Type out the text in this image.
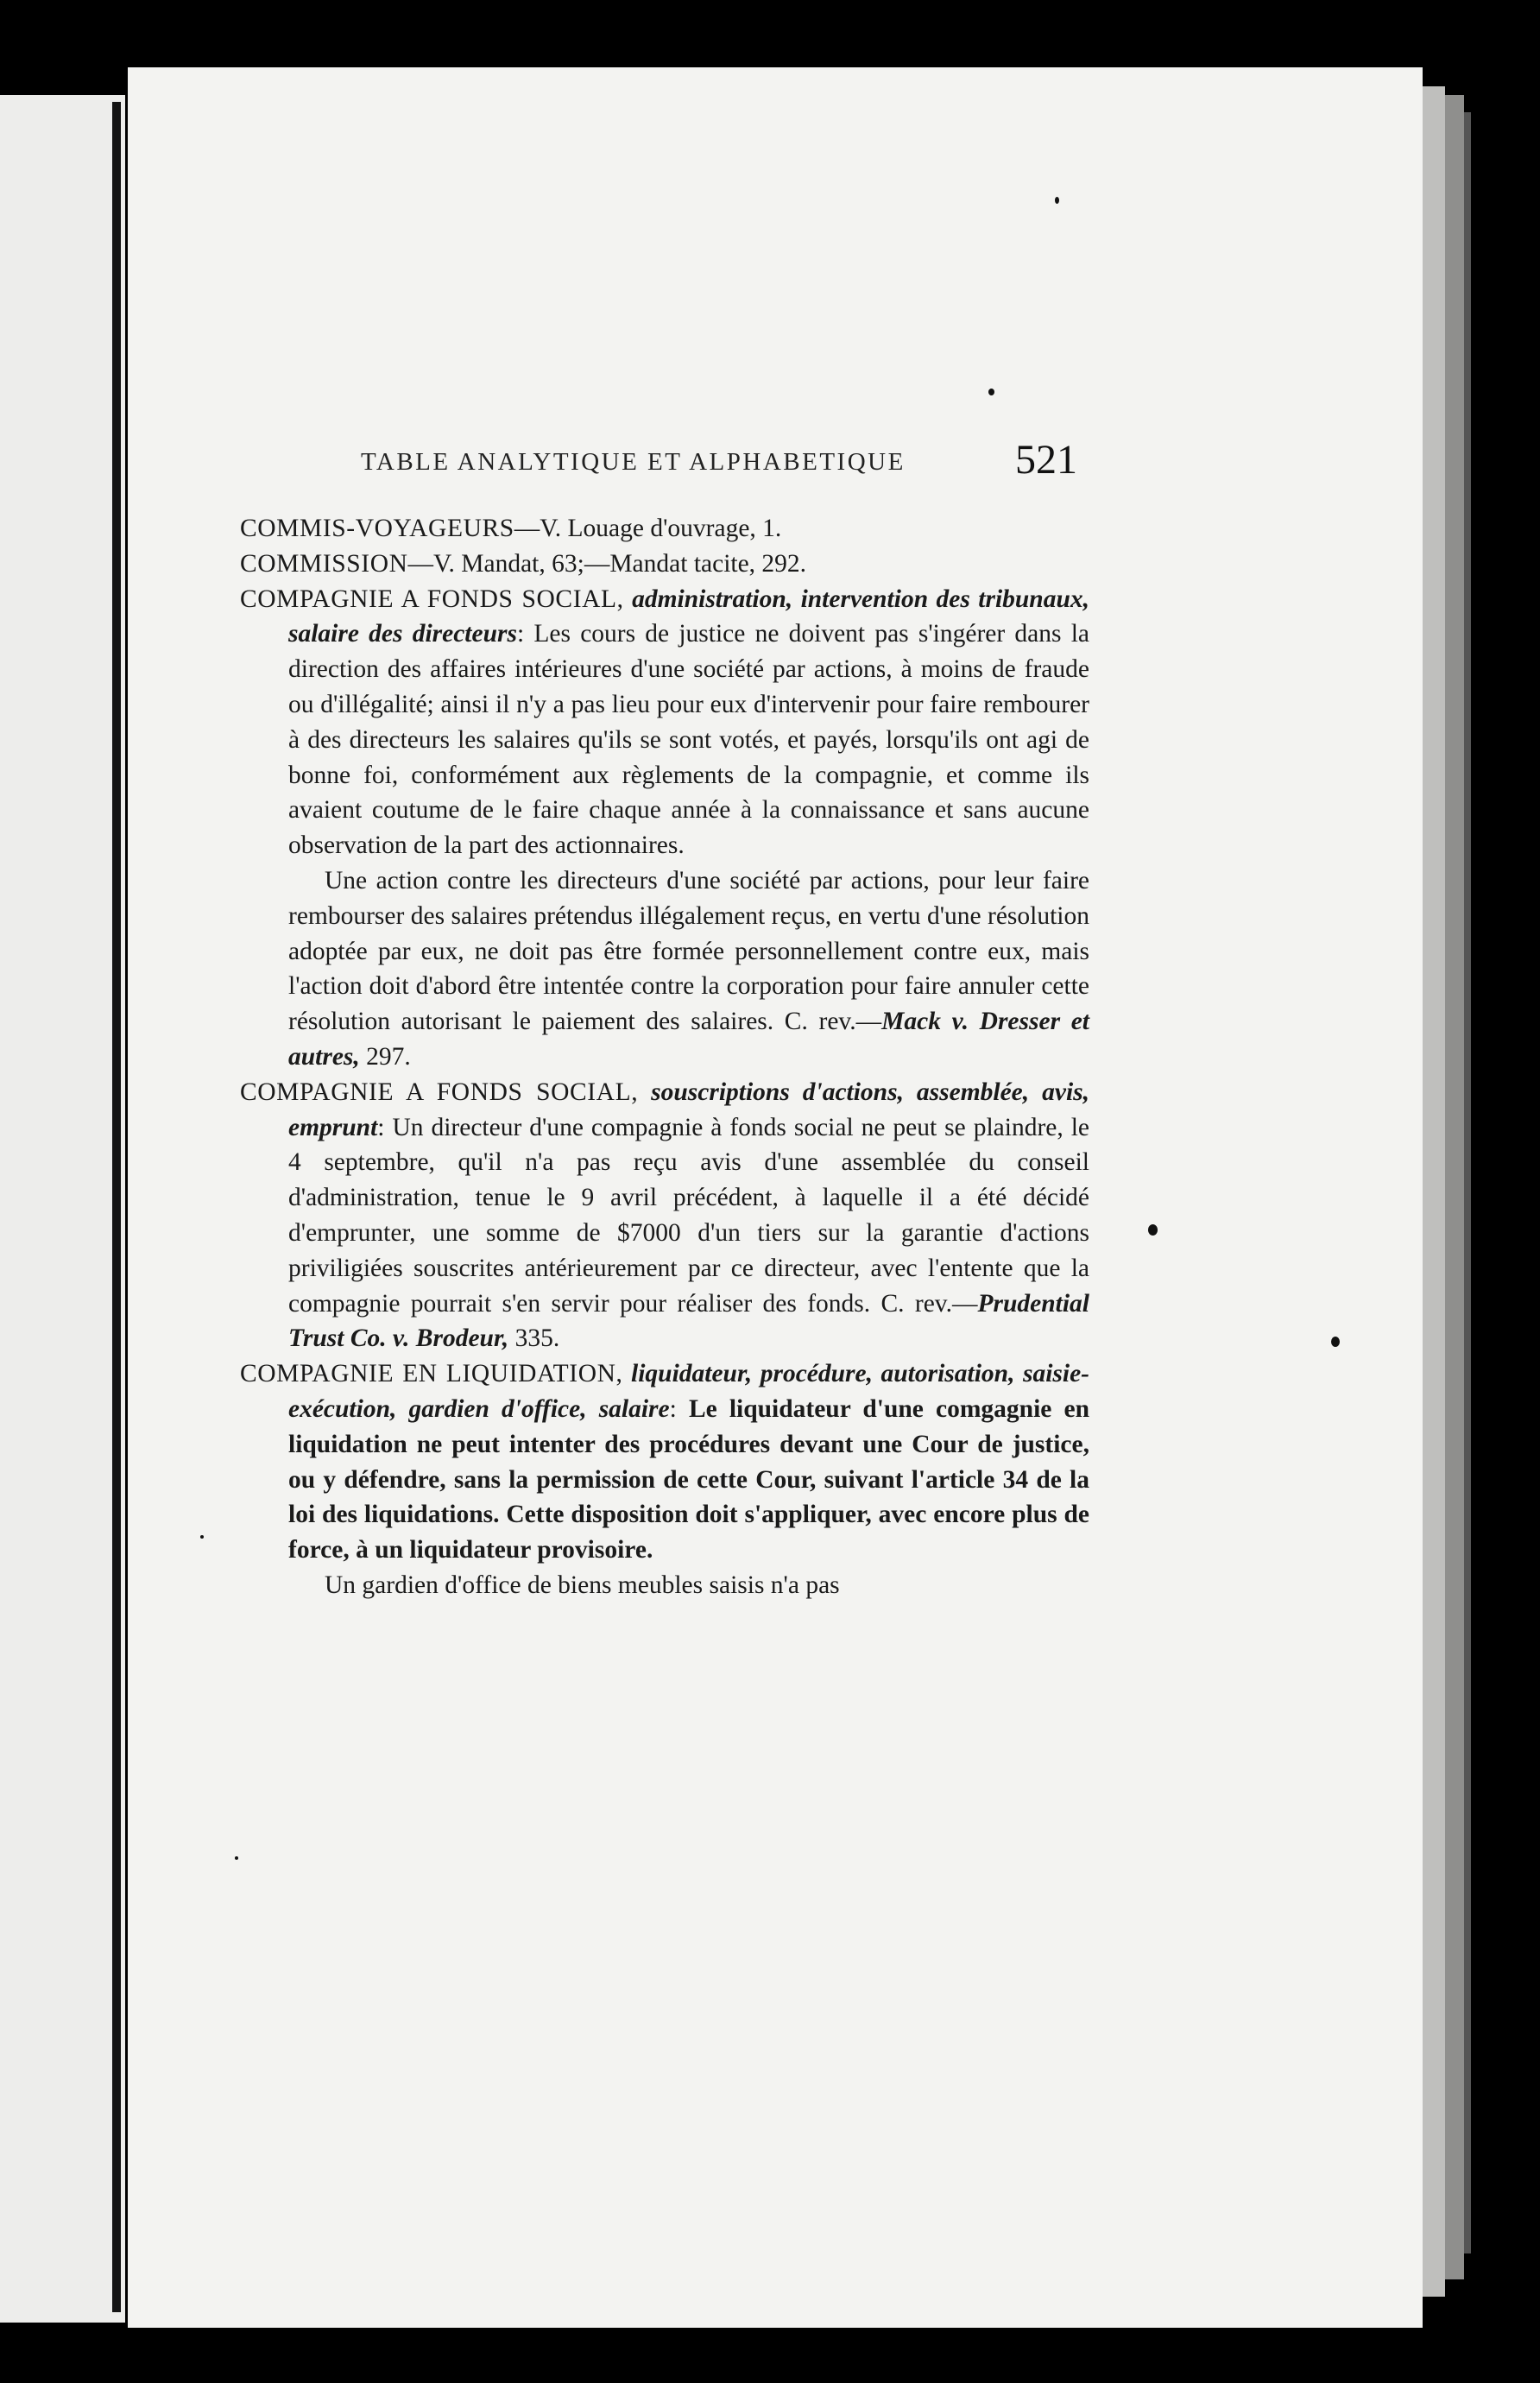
TABLE ANALYTIQUE ET ALPHABETIQUE	521

COMMIS-VOYAGEURS—V. Louage d'ouvrage, 1.

COMMISSION—V. Mandat, 63;—Mandat tacite, 292.

COMPAGNIE A FONDS SOCIAL, administration, intervention des tribunaux, salaire des directeurs: Les cours de justice ne doivent pas s'ingérer dans la direction des affaires intérieures d'une société par actions, à moins de fraude ou d'illégalité; ainsi il n'y a pas lieu pour eux d'intervenir pour faire rembourer à des directeurs les salaires qu'ils se sont votés, et payés, lorsqu'ils ont agi de bonne foi, conformément aux règlements de la compagnie, et comme ils avaient coutume de le faire chaque année à la connaissance et sans aucune observation de la part des actionnaires.

Une action contre les directeurs d'une société par actions, pour leur faire rembourser des salaires prétendus illégalement reçus, en vertu d'une résolution adoptée par eux, ne doit pas être formée personnellement contre eux, mais l'action doit d'abord être intentée contre la corporation pour faire annuler cette résolution autorisant le paiement des salaires. C. rev.—Mack v. Dresser et autres, 297.

COMPAGNIE A FONDS SOCIAL, souscriptions d'actions, assemblée, avis, emprunt: Un directeur d'une compagnie à fonds social ne peut se plaindre, le 4 septembre, qu'il n'a pas reçu avis d'une assemblée du conseil d'administration, tenue le 9 avril précédent, à laquelle il a été décidé d'emprunter, une somme de $7000 d'un tiers sur la garantie d'actions priviligiées souscrites antérieurement par ce directeur, avec l'entente que la compagnie pourrait s'en servir pour réaliser des fonds. C. rev.—Prudential Trust Co. v. Brodeur, 335.

COMPAGNIE EN LIQUIDATION, liquidateur, procédure, autorisation, saisie-exécution, gardien d'office, salaire: Le liquidateur d'une comgagnie en liquidation ne peut intenter des procédures devant une Cour de justice, ou y défendre, sans la permission de cette Cour, suivant l'article 34 de la loi des liquidations. Cette disposition doit s'appliquer, avec encore plus de force, à un liquidateur provisoire.

Un gardien d'office de biens meubles saisis n'a pas
